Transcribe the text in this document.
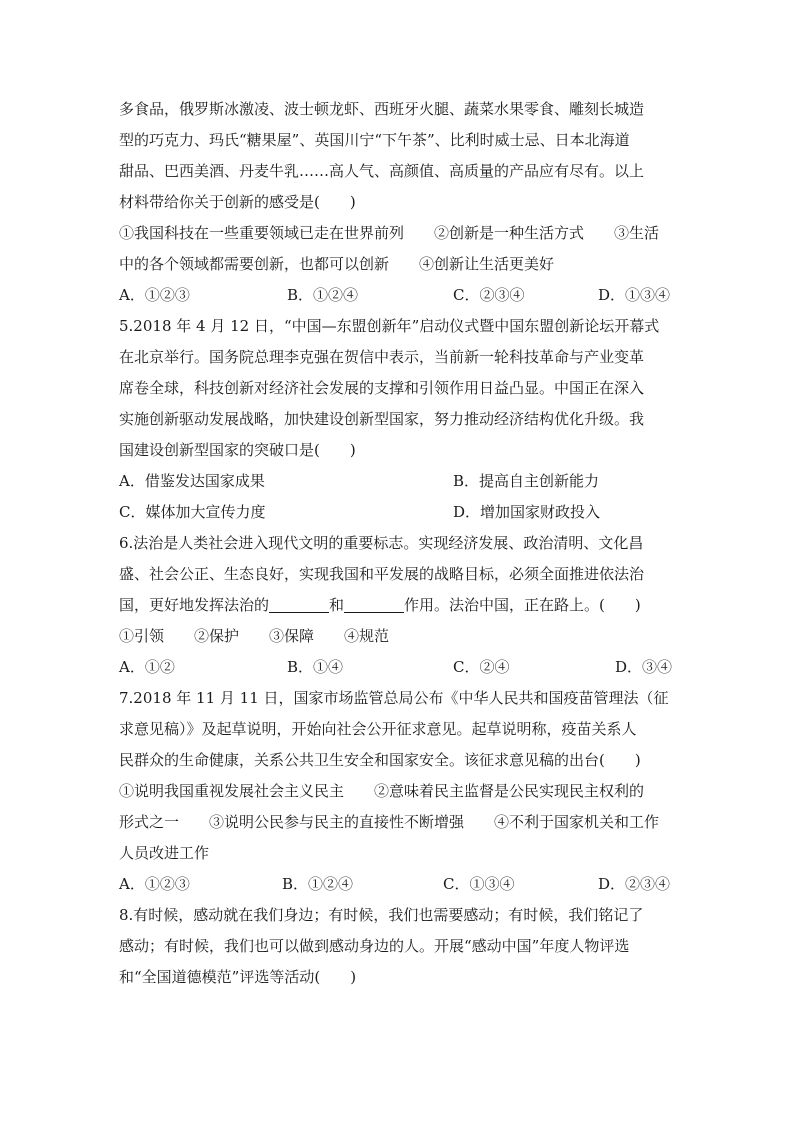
多食品，俄罗斯冰激凌、波士顿龙虾、西班牙火腿、蔬菜水果零食、雕刻长城造
型的巧克力、玛氏“糖果屋”、英国川宁“下午茶”、比利时威士忌、日本北海道
甜品、巴西美酒、丹麦牛乳……高人气、高颜值、高质量的产品应有尽有。以上
材料带给你关于创新的感受是(　　)
①我国科技在一些重要领域已走在世界前列　　②创新是一种生活方式　　③生活
中的各个领域都需要创新，也都可以创新　　④创新让生活更美好
A．①②③	B．①②④	C．②③④	D．①③④
5.2018 年 4 月 12 日，“中国—东盟创新年”启动仪式暨中国东盟创新论坛开幕式
在北京举行。国务院总理李克强在贺信中表示，当前新一轮科技革命与产业变革
席卷全球，科技创新对经济社会发展的支撑和引领作用日益凸显。中国正在深入
实施创新驱动发展战略，加快建设创新型国家，努力推动经济结构优化升级。我
国建设创新型国家的突破口是(　　)
A．借鉴发达国家成果	B．提高自主创新能力
C．媒体加大宣传力度	D．增加国家财政投入
6.法治是人类社会进入现代文明的重要标志。实现经济发展、政治清明、文化昌
盛、社会公正、生态良好，实现我国和平发展的战略目标，必须全面推进依法治
国，更好地发挥法治的	和	作用。法治中国，正在路上。(　　)
①引领　　②保护　　③保障　　④规范
A．①②	B．①④	C．②④	D．③④
7.2018 年 11 月 11 日，国家市场监管总局公布《中华人民共和国疫苗管理法（征
求意见稿）》及起草说明，开始向社会公开征求意见。起草说明称，疫苗关系人
民群众的生命健康，关系公共卫生安全和国家安全。该征求意见稿的出台(　　)
①说明我国重视发展社会主义民主　　②意味着民主监督是公民实现民主权利的
形式之一　　③说明公民参与民主的直接性不断增强　　④不利于国家机关和工作
人员改进工作
A．①②③	B．①②④	C．①③④	D．②③④
8.有时候，感动就在我们身边；有时候，我们也需要感动；有时候，我们铭记了
感动；有时候，我们也可以做到感动身边的人。开展“感动中国”年度人物评选
和“全国道德模范”评选等活动(　　)
